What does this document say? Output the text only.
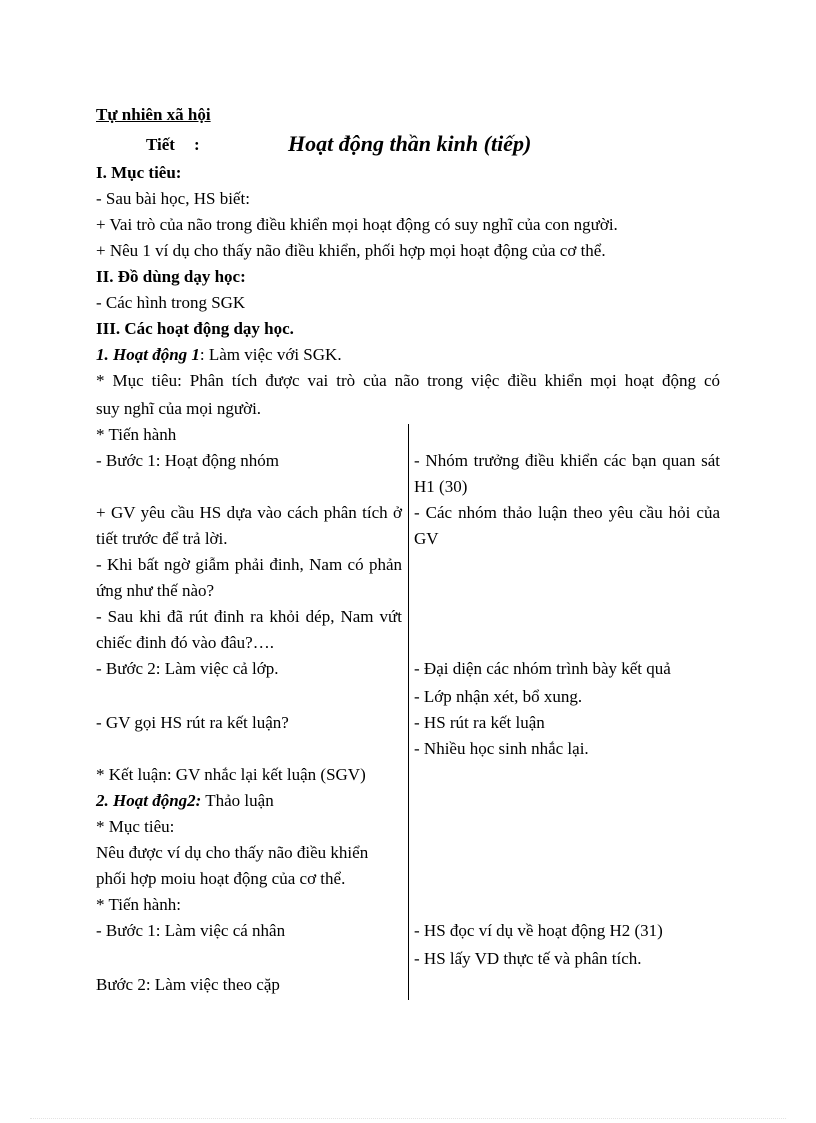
Tự nhiên xã hội
Tiết :	Hoạt động thần kinh (tiếp)
I. Mục tiêu:
- Sau bài học, HS biết:
+ Vai trò của não trong điều khiển mọi hoạt động có suy nghĩ của con người.
+ Nêu 1 ví dụ cho thấy não điều khiển, phối hợp mọi hoạt động của cơ thể.
II. Đồ dùng dạy học:
- Các hình trong SGK
III. Các hoạt động dạy học.
1. Hoạt động 1: Làm việc với SGK.
* Mục tiêu: Phân tích được vai trò của não trong việc điều khiển mọi hoạt động có
suy nghĩ của mọi người.
* Tiến hành
- Bước 1: Hoạt động nhóm
+ GV yêu cầu HS dựa vào cách phân tích ở tiết trước để trả lời.
- Khi bất ngờ giẫm phải đinh, Nam có phản ứng như thế nào?
- Sau khi đã rút đinh ra khỏi dép, Nam vứt chiếc đinh đó vào đâu?….
- Bước 2: Làm việc cả lớp.
- GV gọi HS rút ra kết luận?
* Kết luận: GV nhắc lại kết luận (SGV)
- Nhóm trưởng điều khiển các bạn quan sát H1 (30)
- Các nhóm thảo luận theo yêu cầu hỏi của GV
- Đại diện các nhóm trình bày kết quả
- Lớp nhận xét, bổ xung.
- HS rút ra kết luận
- Nhiều học sinh nhắc lại.
2. Hoạt động2: Thảo luận
* Mục tiêu:
Nêu được ví dụ cho thấy não điều khiển
phối hợp moiu hoạt động của cơ thể.
* Tiến hành:
- Bước 1: Làm việc cá nhân
Bước 2: Làm việc theo cặp
- HS đọc ví dụ về hoạt động H2 (31)
- HS lấy VD thực tế và phân tích.
